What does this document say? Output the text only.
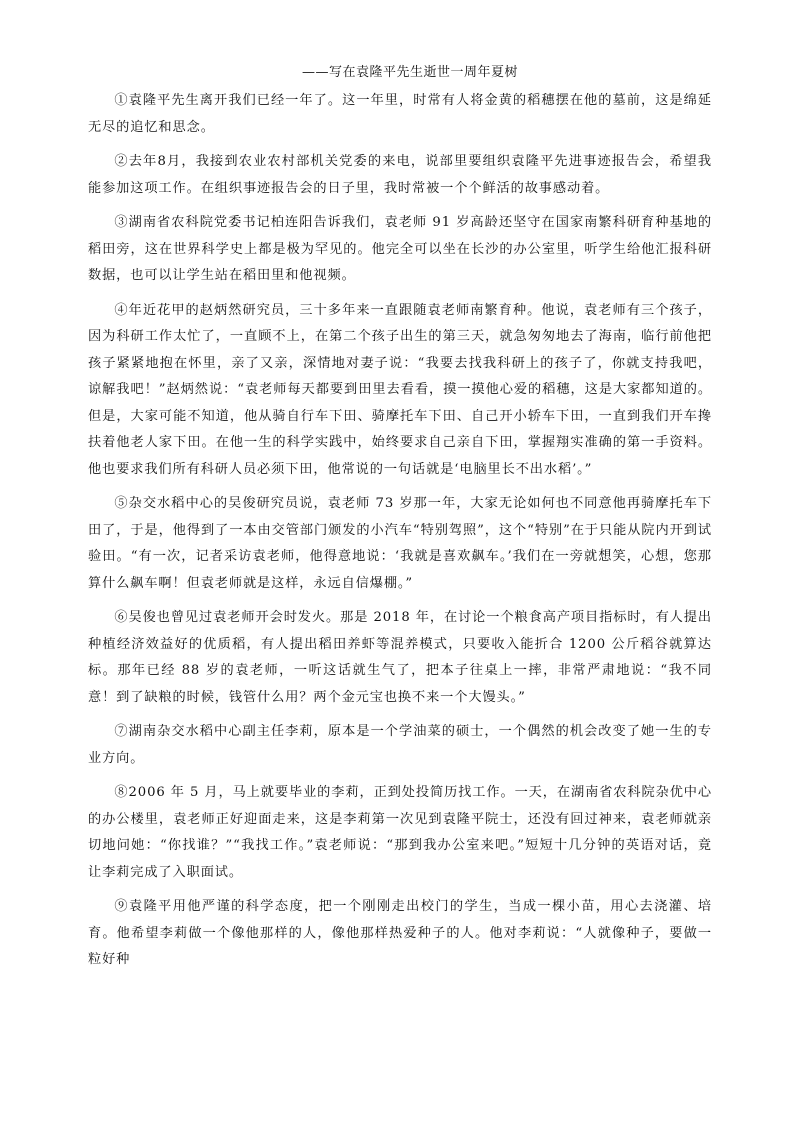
——写在袁隆平先生逝世一周年夏树

①袁隆平先生离开我们已经一年了。这一年里，时常有人将金黄的稻穗摆在他的墓前，这是绵延无尽的追忆和思念。

②去年8月，我接到农业农村部机关党委的来电，说部里要组织袁隆平先进事迹报告会，希望我能参加这项工作。在组织事迹报告会的日子里，我时常被一个个鲜活的故事感动着。

③湖南省农科院党委书记柏连阳告诉我们，袁老师 91 岁高龄还坚守在国家南繁科研育种基地的稻田旁，这在世界科学史上都是极为罕见的。他完全可以坐在长沙的办公室里，听学生给他汇报科研数据，也可以让学生站在稻田里和他视频。

④年近花甲的赵炳然研究员，三十多年来一直跟随袁老师南繁育种。他说，袁老师有三个孩子，因为科研工作太忙了，一直顾不上，在第二个孩子出生的第三天，就急匆匆地去了海南，临行前他把孩子紧紧地抱在怀里，亲了又亲，深情地对妻子说：“我要去找我科研上的孩子了，你就支持我吧，谅解我吧！”赵炳然说：“袁老师每天都要到田里去看看，摸一摸他心爱的稻穗，这是大家都知道的。但是，大家可能不知道，他从骑自行车下田、骑摩托车下田、自己开小轿车下田，一直到我们开车搀扶着他老人家下田。在他一生的科学实践中，始终要求自己亲自下田，掌握翔实准确的第一手资料。他也要求我们所有科研人员必须下田，他常说的一句话就是‘电脑里长不出水稻’。”

⑤杂交水稻中心的吴俊研究员说，袁老师 73 岁那一年，大家无论如何也不同意他再骑摩托车下田了，于是，他得到了一本由交管部门颁发的小汽车“特别驾照”，这个“特别”在于只能从院内开到试验田。“有一次，记者采访袁老师，他得意地说：‘我就是喜欢飙车。’我们在一旁就想笑，心想，您那算什么飙车啊！但袁老师就是这样，永远自信爆棚。”

⑥吴俊也曾见过袁老师开会时发火。那是 2018 年，在讨论一个粮食高产项目指标时，有人提出种植经济效益好的优质稻，有人提出稻田养虾等混养模式，只要收入能折合 1200 公斤稻谷就算达标。那年已经 88 岁的袁老师，一听这话就生气了，把本子往桌上一摔，非常严肃地说：“我不同意！到了缺粮的时候，钱管什么用？两个金元宝也换不来一个大馒头。”

⑦湖南杂交水稻中心副主任李莉，原本是一个学油菜的硕士，一个偶然的机会改变了她一生的专业方向。

⑧2006 年 5 月，马上就要毕业的李莉，正到处投简历找工作。一天，在湖南省农科院杂优中心的办公楼里，袁老师正好迎面走来，这是李莉第一次见到袁隆平院士，还没有回过神来，袁老师就亲切地问她：“你找谁？”“我找工作。”袁老师说：“那到我办公室来吧。”短短十几分钟的英语对话，竟让李莉完成了入职面试。

⑨袁隆平用他严谨的科学态度，把一个刚刚走出校门的学生，当成一棵小苗，用心去浇灌、培育。他希望李莉做一个像他那样的人，像他那样热爱种子的人。他对李莉说：“人就像种子，要做一粒好种
